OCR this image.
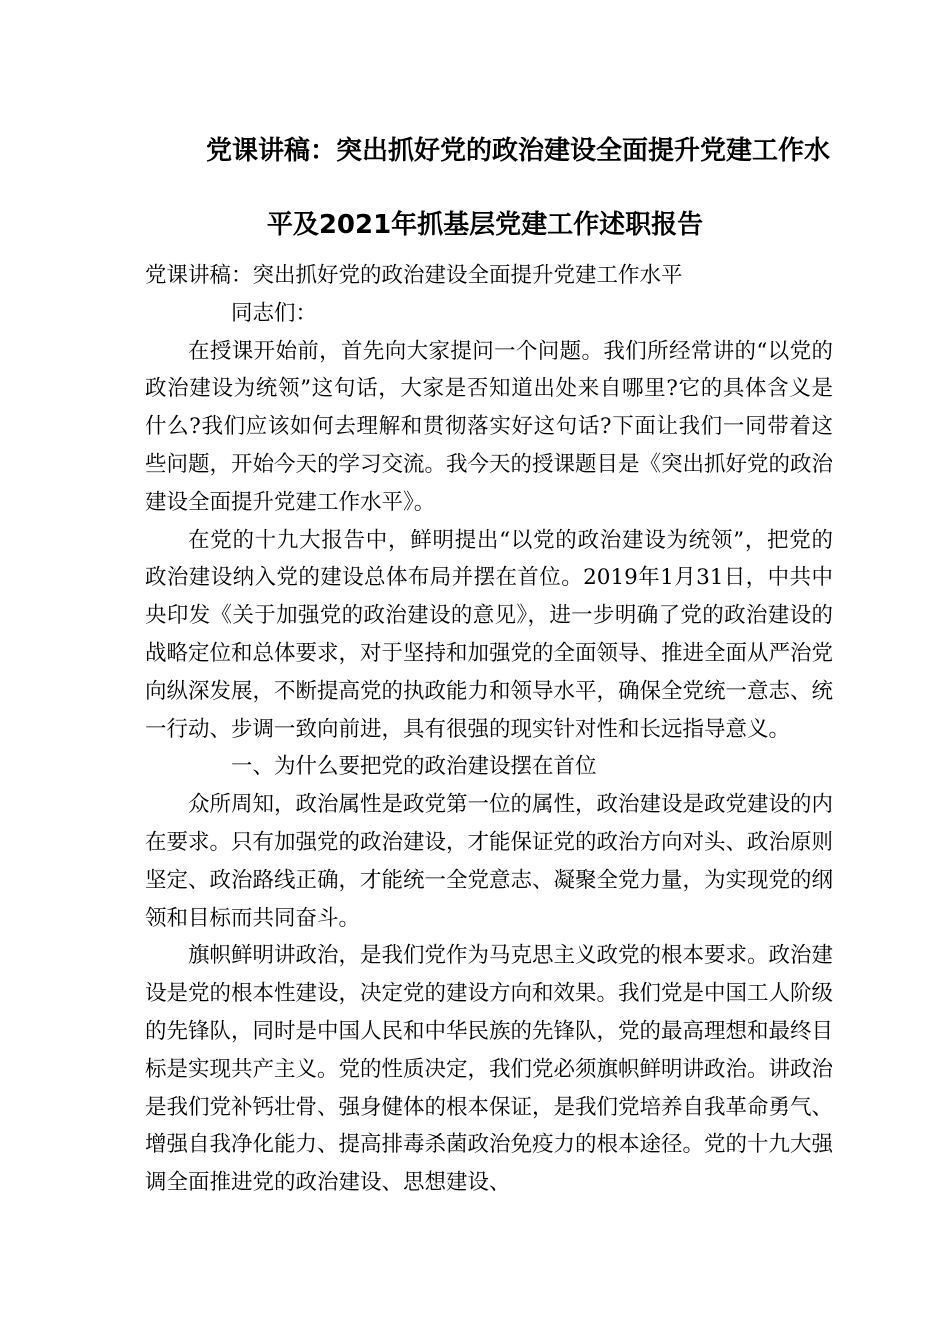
党课讲稿：突出抓好党的政治建设全面提升党建工作水
平及2021年抓基层党建工作述职报告

党课讲稿：突出抓好党的政治建设全面提升党建工作水平

同志们：

在授课开始前，首先向大家提问一个问题。我们所经常讲的“以党的政治建设为统领”这句话，大家是否知道出处来自哪里?它的具体含义是什么?我们应该如何去理解和贯彻落实好这句话?下面让我们一同带着这些问题，开始今天的学习交流。我今天的授课题目是《突出抓好党的政治建设全面提升党建工作水平》。

在党的十九大报告中，鲜明提出“以党的政治建设为统领”，把党的政治建设纳入党的建设总体布局并摆在首位。2019年1月31日，中共中央印发《关于加强党的政治建设的意见》，进一步明确了党的政治建设的战略定位和总体要求，对于坚持和加强党的全面领导、推进全面从严治党向纵深发展，不断提高党的执政能力和领导水平，确保全党统一意志、统一行动、步调一致向前进，具有很强的现实针对性和长远指导意义。

一、为什么要把党的政治建设摆在首位

众所周知，政治属性是政党第一位的属性，政治建设是政党建设的内在要求。只有加强党的政治建设，才能保证党的政治方向对头、政治原则坚定、政治路线正确，才能统一全党意志、凝聚全党力量，为实现党的纲领和目标而共同奋斗。

旗帜鲜明讲政治，是我们党作为马克思主义政党的根本要求。政治建设是党的根本性建设，决定党的建设方向和效果。我们党是中国工人阶级的先锋队，同时是中国人民和中华民族的先锋队，党的最高理想和最终目标是实现共产主义。党的性质决定，我们党必须旗帜鲜明讲政治。讲政治是我们党补钙壮骨、强身健体的根本保证，是我们党培养自我革命勇气、增强自我净化能力、提高排毒杀菌政治免疫力的根本途径。党的十九大强调全面推进党的政治建设、思想建设、
